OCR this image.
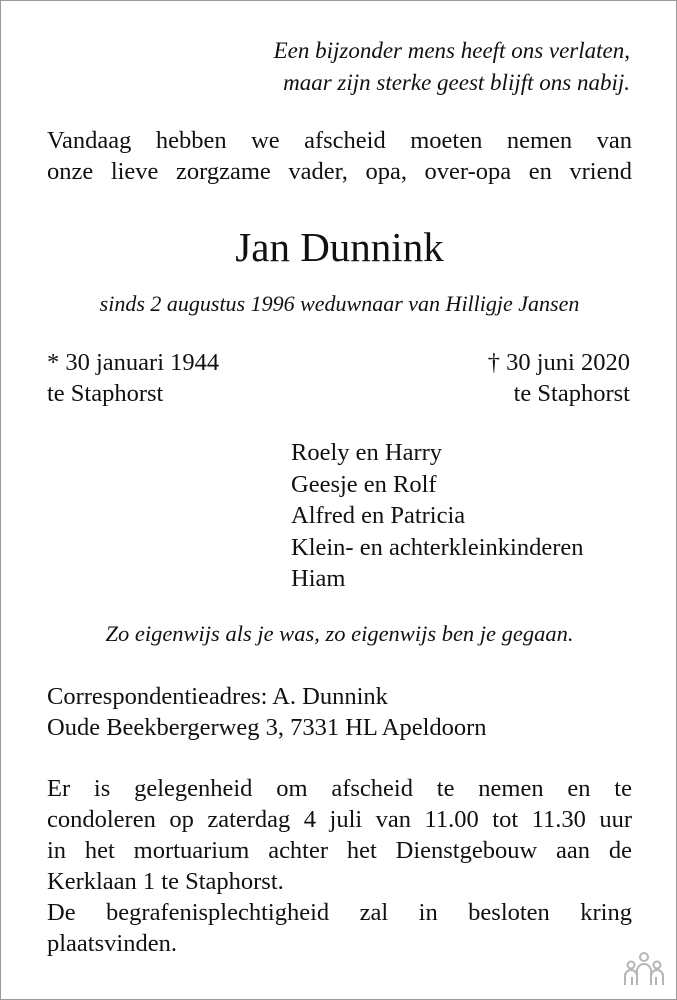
Een bijzonder mens heeft ons verlaten,
maar zijn sterke geest blijft ons nabij.
Vandaag hebben we afscheid moeten nemen van
onze lieve zorgzame vader, opa, over-opa en vriend
Jan Dunnink
sinds 2 augustus 1996 weduwnaar van Hilligje Jansen
* 30 januari 1944
te Staphorst
† 30 juni 2020
te Staphorst
Roely en Harry
Geesje en Rolf
Alfred en Patricia
Klein- en achterkleinkinderen
Hiam
Zo eigenwijs als je was, zo eigenwijs ben je gegaan.
Correspondentieadres: A. Dunnink
Oude Beekbergerweg 3, 7331 HL Apeldoorn
Er is gelegenheid om afscheid te nemen en te
condoleren op zaterdag 4 juli van 11.00 tot 11.30 uur
in het mortuarium achter het Dienstgebouw aan de
Kerklaan 1 te Staphorst.
De begrafenisplechtigheid zal in besloten kring
plaatsvinden.
